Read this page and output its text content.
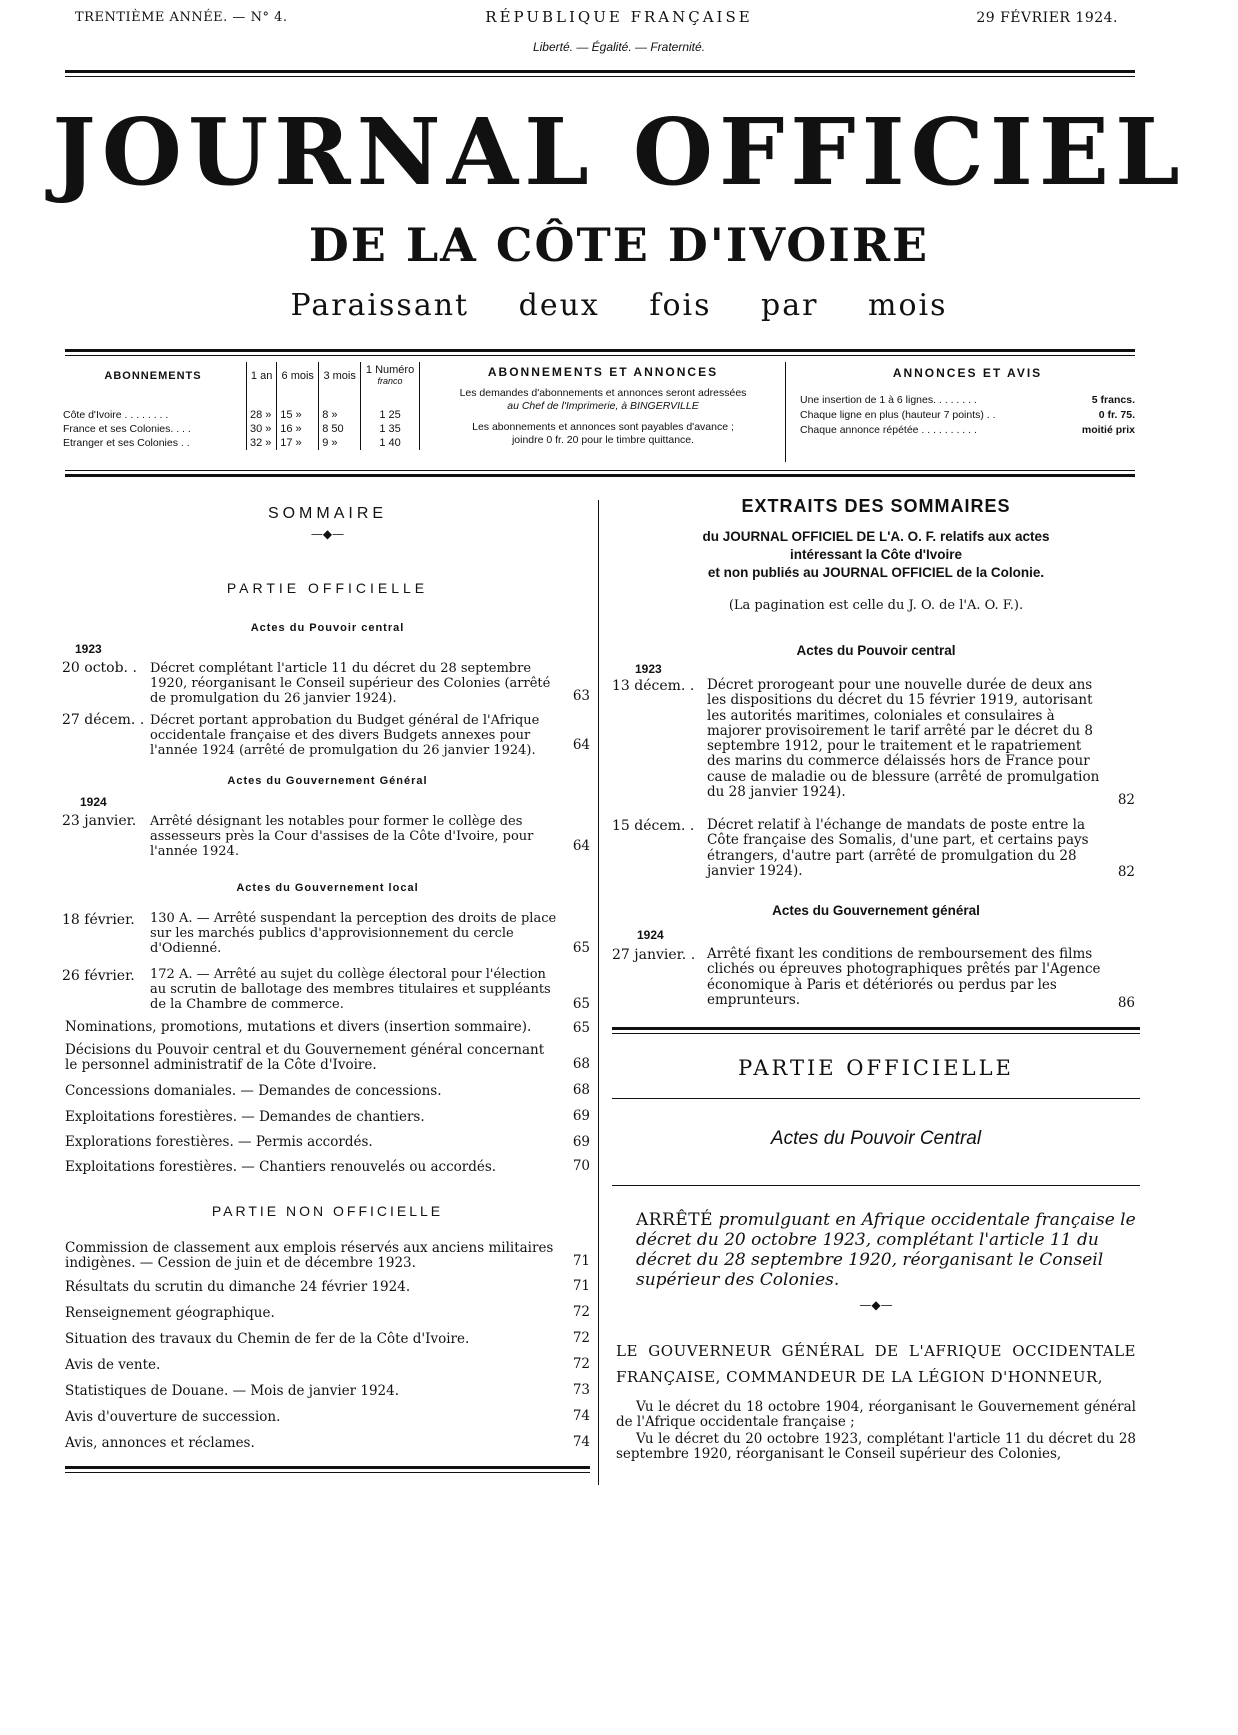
TRENTIÈME ANNÉE. — N° 4.	RÉPUBLIQUE FRANÇAISE	29 FÉVRIER 1924.
Liberté. — Égalité. — Fraternité.
JOURNAL OFFICIEL
DE LA CÔTE D'IVOIRE
Paraissant deux fois par mois
ABONNEMENTS	1 an	6 mois	3 mois	1 Numéro
franco

Côte d'Ivoire . . . . . . . .	28 »	15 »	8 »	1 25
France et ses Colonies. . . .	30 »	16 »	8 50	1 35
Etranger et ses Colonies . .	32 »	17 »	9 »	1 40
ABONNEMENTS ET ANNONCES
Les demandes d'abonnements et annonces seront adressées
au Chef de l'Imprimerie, à BINGERVILLE
Les abonnements et annonces sont payables d'avance ;
joindre 0 fr. 20 pour le timbre quittance.
ANNONCES ET AVIS
Une insertion de 1 à 6 lignes. . . . . . . .	5 francs.
Chaque ligne en plus (hauteur 7 points) . .	0 fr. 75.
Chaque annonce répétée . . . . . . . . . .	moitié prix
SOMMAIRE
—◆—
PARTIE OFFICIELLE
Actes du Pouvoir central
1923
20 octob. .	Décret complétant l'article 11 du décret du 28 septembre 1920, réorganisant le Conseil supérieur des Colonies (arrêté de promulgation du 26 janvier 1924).	63
27 décem. . Décret portant approbation du Budget général de l'Afrique occidentale française et des divers Budgets annexes pour l'année 1924 (arrêté de promulgation du 26 janvier 1924).	64
Actes du Gouvernement Général
1924
23 janvier.	Arrêté désignant les notables pour former le collège des assesseurs près la Cour d'assises de la Côte d'Ivoire, pour l'année 1924.	64
Actes du Gouvernement local
18 février.	130 A. — Arrêté suspendant la perception des droits de place sur les marchés publics d'approvisionnement du cercle d'Odienné.	65
26 février.	172 A. — Arrêté au sujet du collège électoral pour l'élection au scrutin de ballotage des membres titulaires et suppléants de la Chambre de commerce.	65
Nominations, promotions, mutations et divers (insertion sommaire).	65
Décisions du Pouvoir central et du Gouvernement général concernant le personnel administratif de la Côte d'Ivoire.	68
Concessions domaniales. — Demandes de concessions.	68
Exploitations forestières. — Demandes de chantiers.	69
Explorations forestières. — Permis accordés.	69
Exploitations forestières. — Chantiers renouvelés ou accordés.	70
PARTIE NON OFFICIELLE
Commission de classement aux emplois réservés aux anciens militaires indigènes. — Cession de juin et de décembre 1923.	71
Résultats du scrutin du dimanche 24 février 1924.	71
Renseignement géographique.	72
Situation des travaux du Chemin de fer de la Côte d'Ivoire.	72
Avis de vente.	72
Statistiques de Douane. — Mois de janvier 1924.	73
Avis d'ouverture de succession.	74
Avis, annonces et réclames.	74
EXTRAITS DES SOMMAIRES
du JOURNAL OFFICIEL DE L'A. O. F. relatifs aux actes
intéressant la Côte d'Ivoire
et non publiés au JOURNAL OFFICIEL de la Colonie.
(La pagination est celle du J. O. de l'A. O. F.).
Actes du Pouvoir central
1923
13 décem. . Décret prorogeant pour une nouvelle durée de deux ans les dispositions du décret du 15 février 1919, autorisant les autorités maritimes, coloniales et consulaires à majorer provisoirement le tarif arrêté par le décret du 8 septembre 1912, pour le traitement et le rapatriement des marins du commerce délaissés hors de France pour cause de maladie ou de blessure (arrêté de promulgation du 28 janvier 1924).	82
15 décem. . Décret relatif à l'échange de mandats de poste entre la Côte française des Somalis, d'une part, et certains pays étrangers, d'autre part (arrêté de promulgation du 28 janvier 1924).	82
Actes du Gouvernement général
1924
27 janvier. . Arrêté fixant les conditions de remboursement des films clichés ou épreuves photographiques prêtés par l'Agence économique à Paris et détériorés ou perdus par les emprunteurs.	86
PARTIE OFFICIELLE
Actes du Pouvoir Central
ARRÊTÉ promulguant en Afrique occidentale française le décret du 20 octobre 1923, complétant l'article 11 du décret du 28 septembre 1920, réorganisant le Conseil supérieur des Colonies.
—◆—
LE GOUVERNEUR GÉNÉRAL DE L'AFRIQUE OCCIDENTALE FRANÇAISE, COMMANDEUR DE LA LÉGION D'HONNEUR,
Vu le décret du 18 octobre 1904, réorganisant le Gouvernement général de l'Afrique occidentale française ;
Vu le décret du 20 octobre 1923, complétant l'article 11 du décret du 28 septembre 1920, réorganisant le Conseil supérieur des Colonies,
